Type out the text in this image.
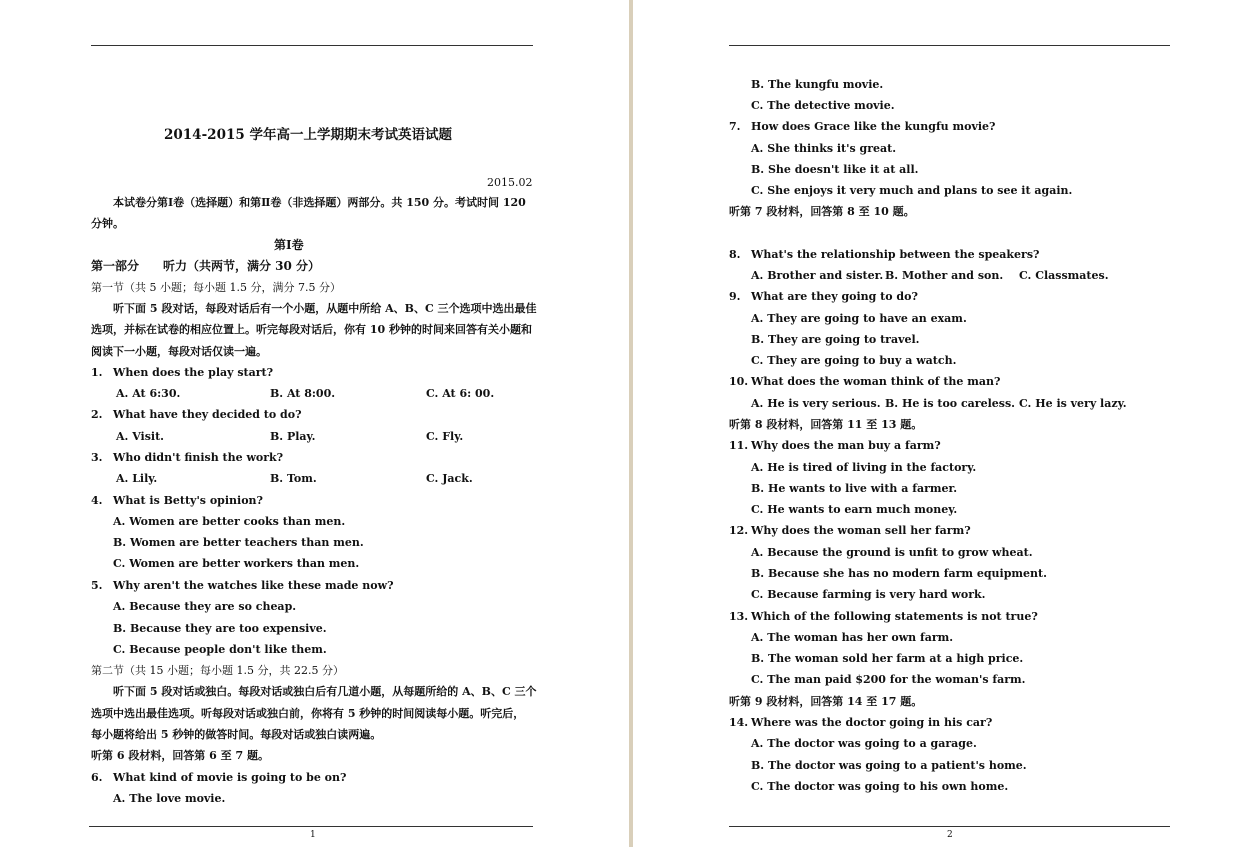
2014-2015 学年高一上学期期末考试英语试题
2015.02
本试卷分第Ⅰ卷（选择题）和第Ⅱ卷（非选择题）两部分。共 150 分。考试时间 120
分钟。
第Ⅰ卷
第一部分　　听力（共两节，满分 30 分）
第一节（共 5 小题；每小题 1.5 分，满分 7.5 分）
听下面 5 段对话，每段对话后有一个小题，从题中所给 A、B、C 三个选项中选出最佳
选项，并标在试卷的相应位置上。听完每段对话后，你有 10 秒钟的时间来回答有关小题和
阅读下一小题，每段对话仅读一遍。
1. When does the play start?
A. At 6:30.	B. At 8:00.	C. At 6: 00.
2. What have they decided to do?
A. Visit.	B. Play.	C. Fly.
3. Who didn't finish the work?
A. Lily.	B. Tom.	C. Jack.
4. What is Betty's opinion?
A. Women are better cooks than men.
B. Women are better teachers than men.
C. Women are better workers than men.
5. Why aren't the watches like these made now?
A. Because they are so cheap.
B. Because they are too expensive.
C. Because people don't like them.
第二节（共 15 小题；每小题 1.5 分，共 22.5 分）
听下面 5 段对话或独白。每段对话或独白后有几道小题，从每题所给的 A、B、C 三个
选项中选出最佳选项。听每段对话或独白前，你将有 5 秒钟的时间阅读每小题。听完后，
每小题将给出 5 秒钟的做答时间。每段对话或独白读两遍。
听第 6 段材料，回答第 6 至 7 题。
6. What kind of movie is going to be on?
A. The love movie.
1
B. The kungfu movie.
C. The detective movie.
7. How does Grace like the kungfu movie?
A. She thinks it's great.
B. She doesn't like it at all.
C. She enjoys it very much and plans to see it again.
听第 7 段材料，回答第 8 至 10 题。
8. What's the relationship between the speakers?
A. Brother and sister. B. Mother and son. C. Classmates.
9. What are they going to do?
A. They are going to have an exam.
B. They are going to travel.
C. They are going to buy a watch.
10. What does the woman think of the man?
A. He is very serious. B. He is too careless. C. He is very lazy.
听第 8 段材料，回答第 11 至 13 题。
11. Why does the man buy a farm?
A. He is tired of living in the factory.
B. He wants to live with a farmer.
C. He wants to earn much money.
12. Why does the woman sell her farm?
A. Because the ground is unfit to grow wheat.
B. Because she has no modern farm equipment.
C. Because farming is very hard work.
13. Which of the following statements is not true?
A. The woman has her own farm.
B. The woman sold her farm at a high price.
C. The man paid $200 for the woman's farm.
听第 9 段材料，回答第 14 至 17 题。
14. Where was the doctor going in his car?
A. The doctor was going to a garage.
B. The doctor was going to a patient's home.
C. The doctor was going to his own home.
2
